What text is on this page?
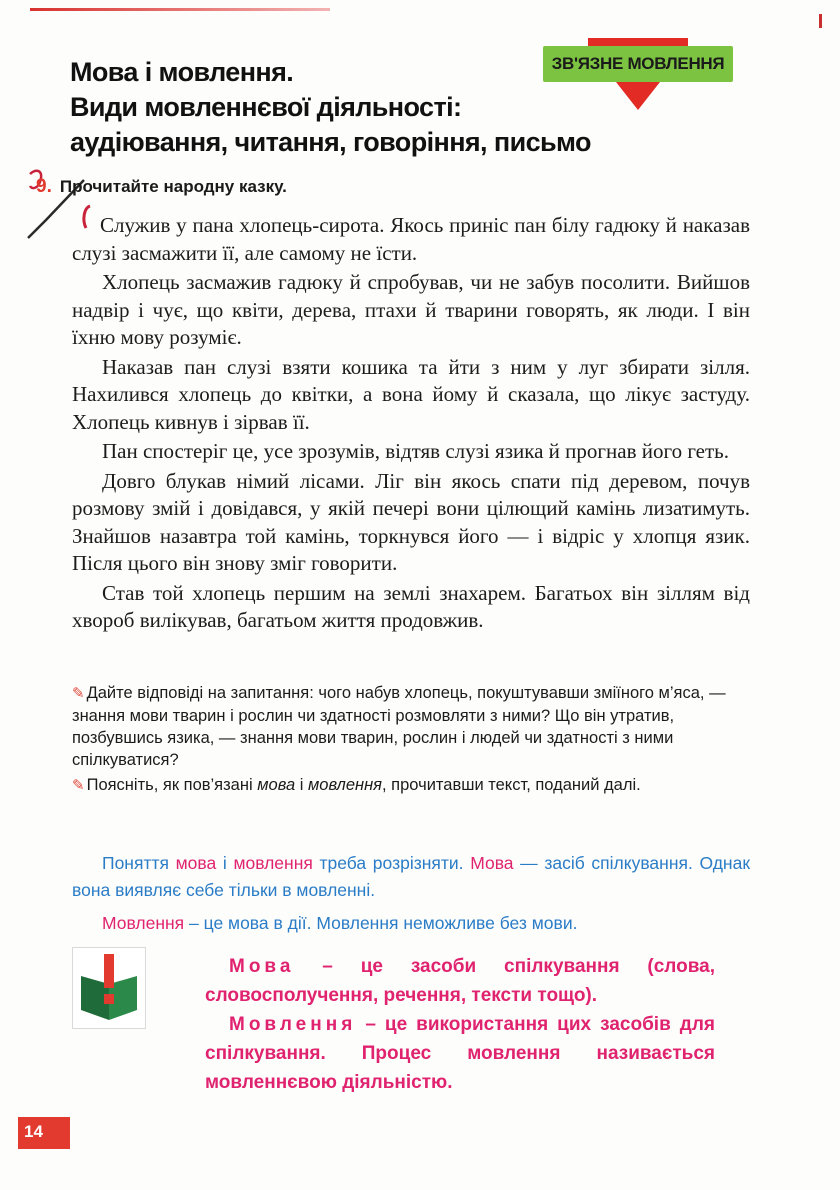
Мова і мовлення.
Види мовленнєвої діяльності:
аудіювання, читання, говоріння, письмо
ЗВ'ЯЗНЕ МОВЛЕННЯ
9. Прочитайте народну казку.

Служив у пана хлопець-сирота. Якось приніс пан білу гадюку й наказав слузі засмажити її, але самому не їсти.

Хлопець засмажив гадюку й спробував, чи не забув посолити. Вийшов надвір і чує, що квіти, дерева, птахи й тварини говорять, як люди. І він їхню мову розуміє.

Наказав пан слузі взяти кошика та йти з ним у луг збирати зілля. Нахилився хлопець до квітки, а вона йому й сказала, що лікує застуду. Хлопець кивнув і зірвав її.

Пан спостеріг це, усе зрозумів, відтяв слузі язика й прогнав його геть.

Довго блукав німий лісами. Ліг він якось спати під деревом, почув розмову змій і довідався, у якій печері вони цілющий камінь лизатимуть. Знайшов назавтра той камінь, торкнувся його — і відріс у хлопця язик. Після цього він знову зміг говорити.

Став той хлопець першим на землі знахарем. Багатьох він зіллям від хвороб вилікував, багатьом життя продовжив.

✎ Дайте відповіді на запитання: чого набув хлопець, покуштувавши зміїного м’яса, — знання мови тварин і рослин чи здатності розмовляти з ними? Що він утратив, позбувшись язика, — знання мови тварин, рослин і людей чи здатності з ними спілкуватися?

✎ Поясніть, як пов’язані мова і мовлення, прочитавши текст, поданий далі.

Поняття мова і мовлення треба розрізняти. Мова — засіб спілкування. Однак вона виявляє себе тільки в мовленні.

Мовлення – це мова в дії. Мовлення неможливе без мови.

Мова – це засоби спілкування (слова, словосполучення, речення, тексти тощо).

Мовлення – це використання цих засобів для спілкування. Процес мовлення називається мовленнєвою діяльністю.

14
